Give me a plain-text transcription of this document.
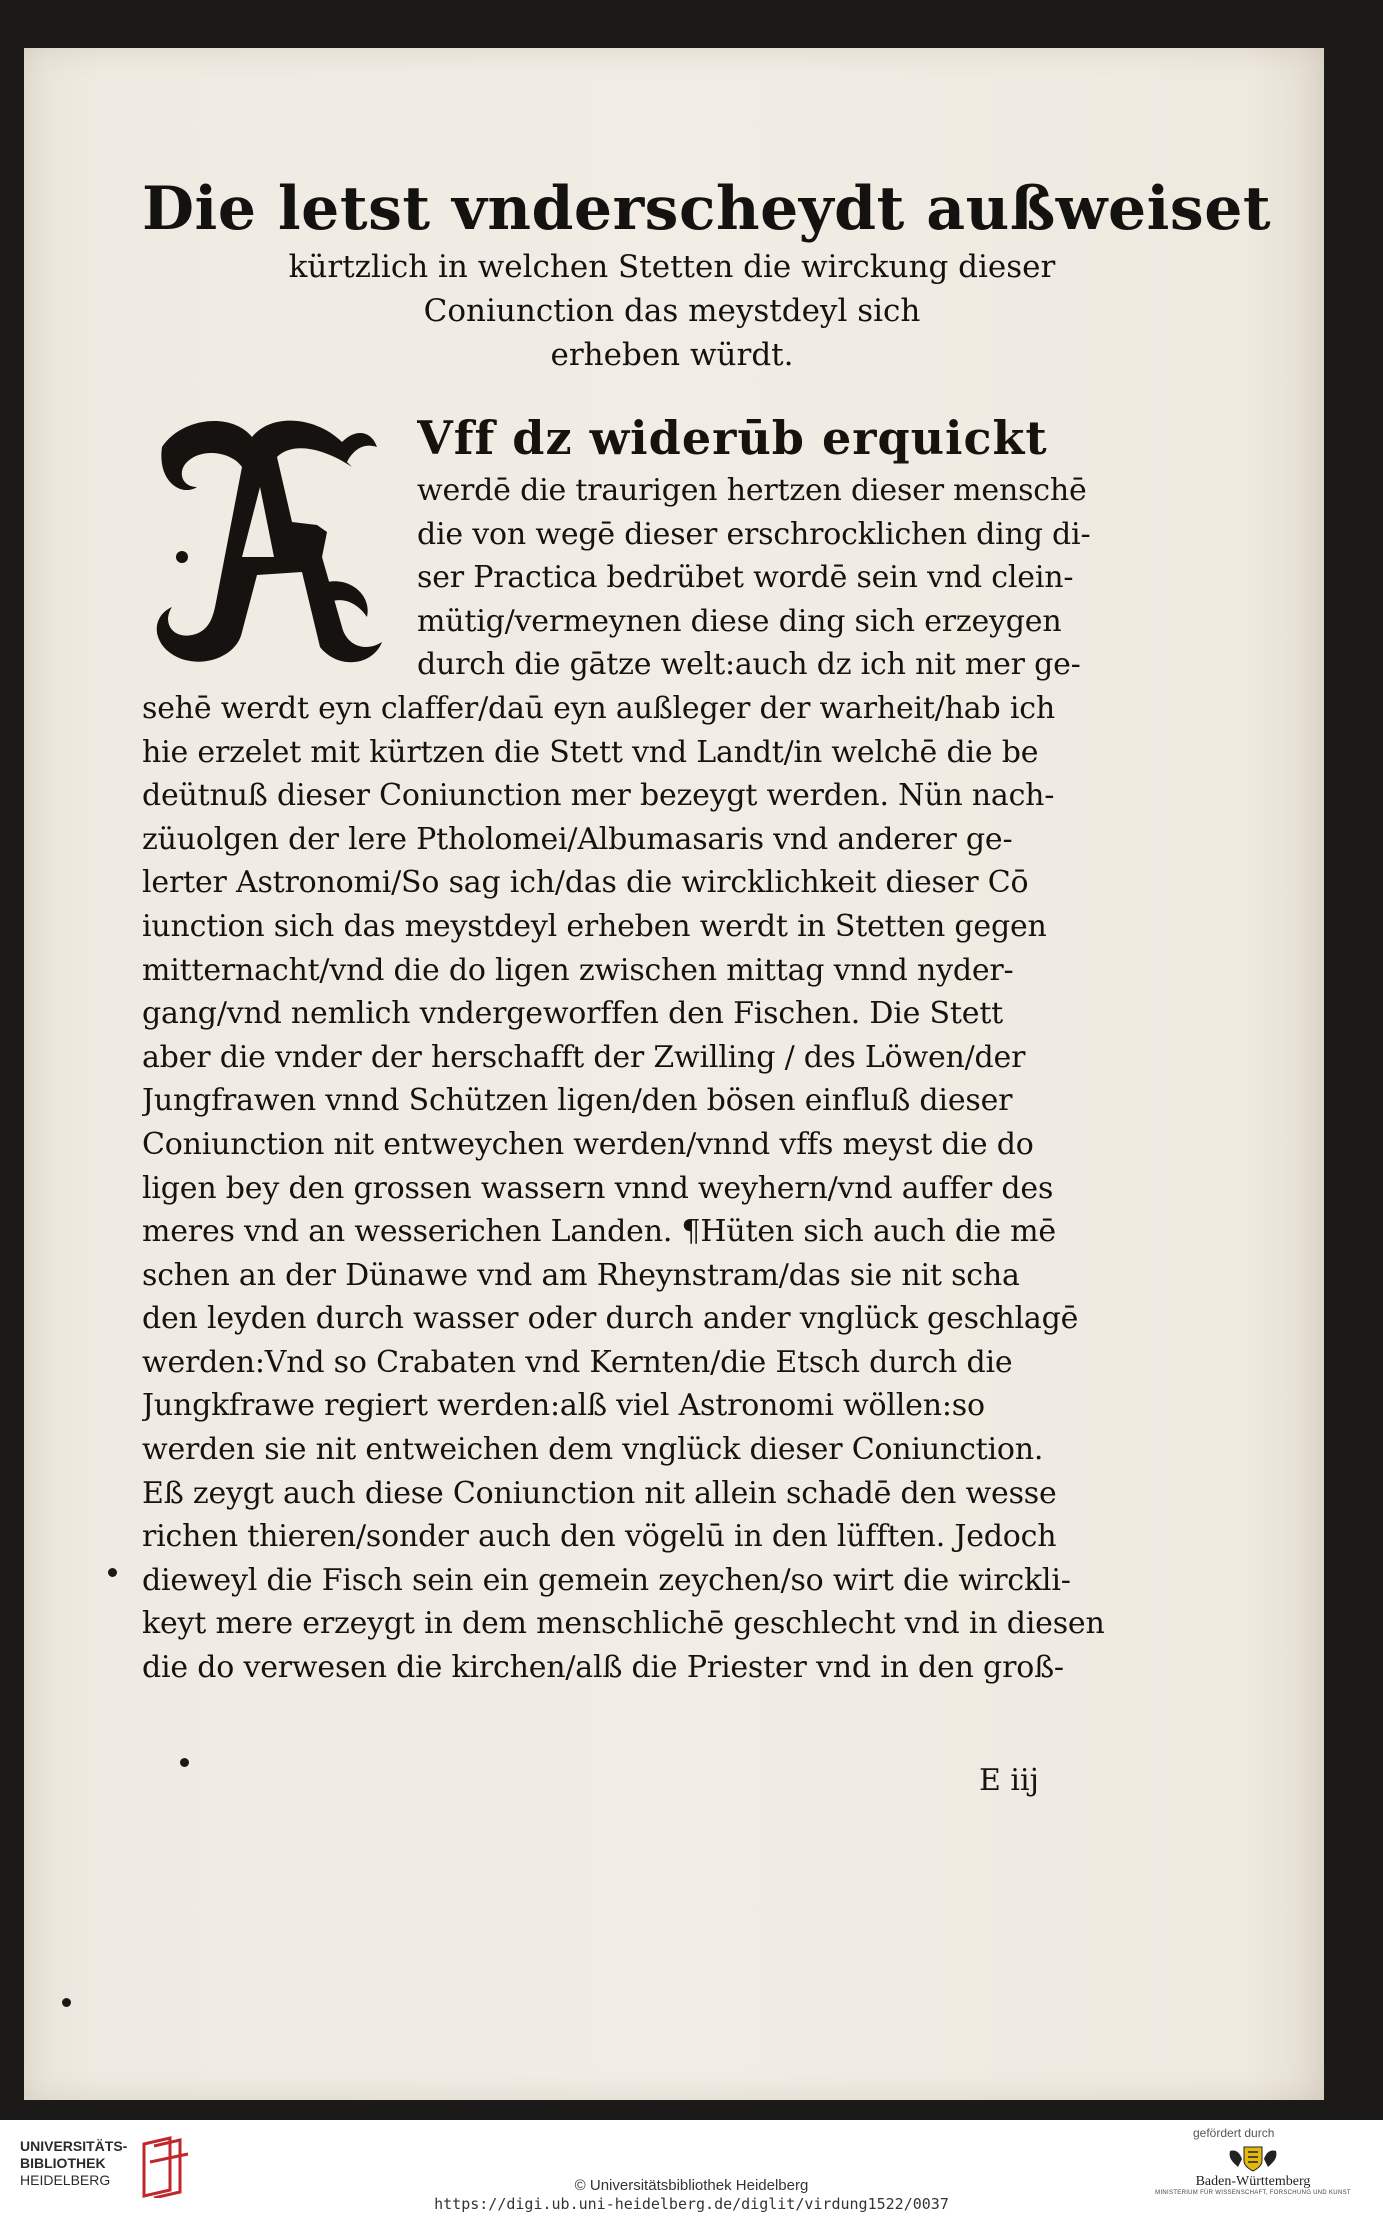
Die letst vnderscheydt außweiset
kürtzlich in welchen Stetten die wirckung dieser
Coniunction das meystdeyl sich
erheben würdt.
Vff dz widerūb erquickt
werdē die traurigen hertzen dieser menschē
die von wegē dieser erschrocklichen ding di-
ser Practica bedrübet wordē sein vnd clein-
mütig/vermeynen diese ding sich erzeygen
durch die gātze welt:auch dz ich nit mer ge-
sehē werdt eyn claffer/daū eyn außleger der warheit/hab ich
hie erzelet mit kürtzen die Stett vnd Landt/in welchē die be
deütnuß dieser Coniunction mer bezeygt werden. Nün nach-
züuolgen der lere Ptholomei/Albumasaris vnd anderer ge-
lerter Astronomi/So sag ich/das die wircklichkeit dieser Cō
iunction sich das meystdeyl erheben werdt in Stetten gegen
mitternacht/vnd die do ligen zwischen mittag vnnd nyder-
gang/vnd nemlich vndergeworffen den Fischen. Die Stett
aber die vnder der herschafft der Zwilling / des Löwen/der
Jungfrawen vnnd Schützen ligen/den bösen einfluß dieser
Coniunction nit entweychen werden/vnnd vffs meyst die do
ligen bey den grossen wassern vnnd weyhern/vnd auffer des
meres vnd an wesserichen Landen. ¶Hüten sich auch die mē
schen an der Dünawe vnd am Rheynstram/das sie nit scha
den leyden durch wasser oder durch ander vnglück geschlagē
werden:Vnd so Crabaten vnd Kernten/die Etsch durch die
Jungkfrawe regiert werden:alß viel Astronomi wöllen:so
werden sie nit entweichen dem vnglück dieser Coniunction.
Eß zeygt auch diese Coniunction nit allein schadē den wesse
richen thieren/sonder auch den vögelū in den lüfften. Jedoch
dieweyl die Fisch sein ein gemein zeychen/so wirt die wirckli-
keyt mere erzeygt in dem menschlichē geschlecht vnd in diesen
die do verwesen die kirchen/alß die Priester vnd in den groß-
E iij
UNIVERSITÄTS-
BIBLIOTHEK
HEIDELBERG	© Universitätsbibliothek Heidelberg
https://digi.ub.uni-heidelberg.de/diglit/virdung1522/0037
gefördert durch
Baden-Württemberg
MINISTERIUM FÜR WISSENSCHAFT, FORSCHUNG UND KUNST
